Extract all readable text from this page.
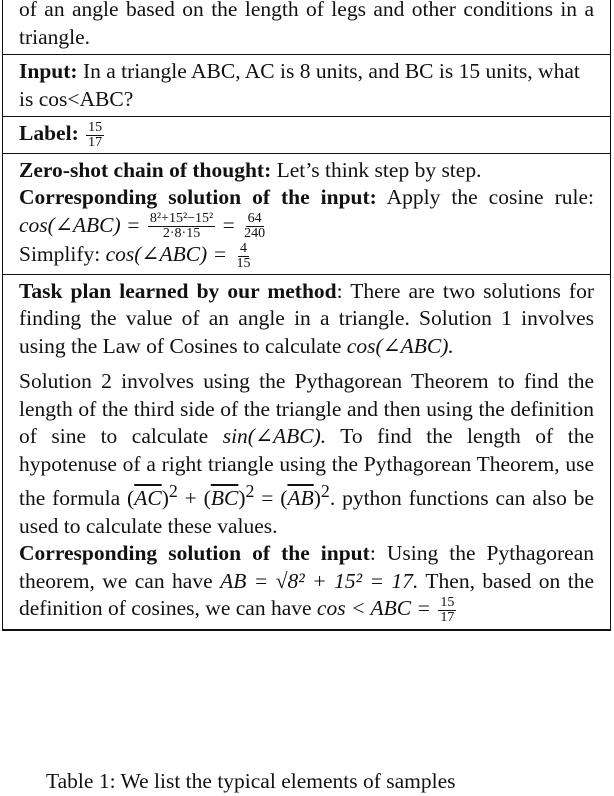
of an angle based on the length of legs and other conditions in a triangle.
Input: In a triangle ABC, AC is 8 units, and BC is 15 units, what is cos<ABC?
Label: $\frac{15}{17}$
Zero-shot chain of thought: Let’s think step by step.
Corresponding solution of the input: Apply the cosine rule: cos(∠ABC) = $\frac{\text{8²+15²−15²}}{2\cdot 8\cdot 15} = \frac{64}{240}$
Simplify: cos(∠ABC) = $\frac{4}{15}$
Task plan learned by our method: There are two solutions for finding the value of an angle in a triangle. Solution 1 involves using the Law of Cosines to calculate cos(∠ABC).
Solution 2 involves using the Pythagorean Theorem to find the length of the third side of the triangle and then using the definition of sine to calculate sin(∠ABC). To find the length of the hypotenuse of a right triangle using the Pythagorean Theorem, use the formula $(\overline{AC})^2 + (\overline{BC})^2 = (\overline{AB})^2$. python functions can also be used to calculate these values.
Corresponding solution of the input: Using the Pythagorean theorem, we can have AB = √8² + 15² = 17. Then, based on the definition of cosines, we can have cos < ABC = $\frac{15}{17}$
Table 1: We list the typical elements of samples
